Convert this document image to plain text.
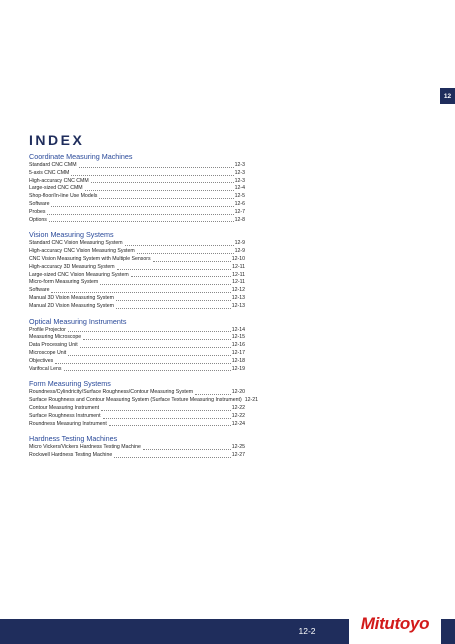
12
INDEX
Coordinate Measuring Machines
Standard CNC CMM	12-3
5-axis CNC CMM	12-3
High-accuracy CNC CMM	12-3
Large-sized CNC CMM	12-4
Shop-floor/In-line Use Models	12-5
Software	12-6
Probes	12-7
Options	12-8
Vision Measuring Systems
Standard CNC Vision Measuring System	12-9
High-accuracy CNC Vision Measuring System	12-9
CNC Vision Measuring System with Multiple Sensors	12-10
High-accuracy 3D Measuring System	12-11
Large-sized CNC Vision Measuring System	12-11
Micro-form Measuring System	12-11
Software	12-12
Manual 3D Vision Measuring System	12-13
Manual 2D Vision Measuring System	12-13
Optical Measuring Instruments
Profile Projector	12-14
Measuring Microscope	12-15
Data Processing Unit	12-16
Microscope Unit	12-17
Objectives	12-18
Varifocal Lens	12-19
Form Measuring Systems
Roundness/Cylindricity/Surface Roughness/Contour Measuring System	12-20
Surface Roughness and Contour Measuring System (Surface Texture Measuring Instrument) 12-21
Contour Measuring Instrument	12-22
Surface Roughness Instrument	12-22
Roundness Measuring Instrument	12-24
Hardness Testing Machines
Micro Vickers/Vickers Hardness Testing Machine	12-25
Rockwell Hardness Testing Machine	12-27
12-2	Mitutoyo
